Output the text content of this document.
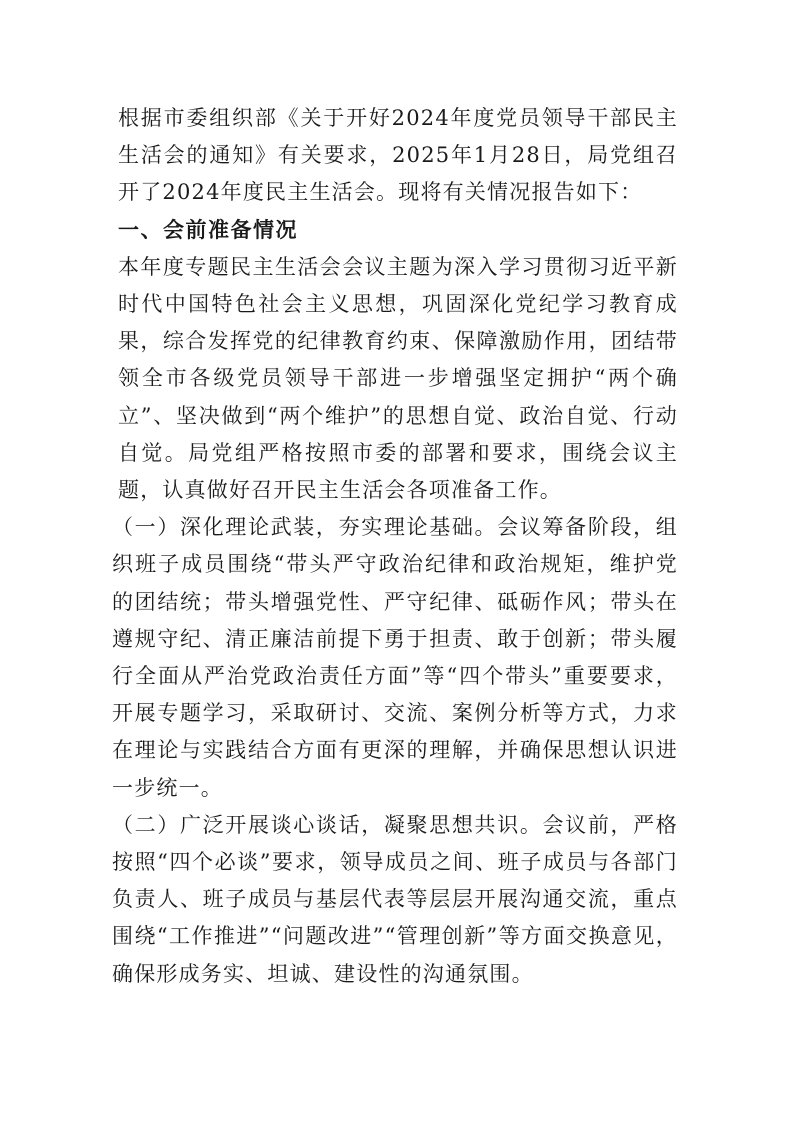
根据市委组织部《关于开好2024年度党员领导干部民主生活会的通知》有关要求，2025年1月28日，局党组召开了2024年度民主生活会。现将有关情况报告如下：

一、会前准备情况

本年度专题民主生活会会议主题为深入学习贯彻习近平新时代中国特色社会主义思想，巩固深化党纪学习教育成果，综合发挥党的纪律教育约束、保障激励作用，团结带领全市各级党员领导干部进一步增强坚定拥护“两个确立”、坚决做到“两个维护”的思想自觉、政治自觉、行动自觉。局党组严格按照市委的部署和要求，围绕会议主题，认真做好召开民主生活会各项准备工作。

（一）深化理论武装，夯实理论基础。会议筹备阶段，组织班子成员围绕“带头严守政治纪律和政治规矩，维护党的团结统；带头增强党性、严守纪律、砥砺作风；带头在遵规守纪、清正廉洁前提下勇于担责、敢于创新；带头履行全面从严治党政治责任方面”等“四个带头”重要要求，开展专题学习，采取研讨、交流、案例分析等方式，力求在理论与实践结合方面有更深的理解，并确保思想认识进一步统一。

（二）广泛开展谈心谈话，凝聚思想共识。会议前，严格按照“四个必谈”要求，领导成员之间、班子成员与各部门负责人、班子成员与基层代表等层层开展沟通交流，重点围绕“工作推进”“问题改进”“管理创新”等方面交换意见，确保形成务实、坦诚、建设性的沟通氛围。
